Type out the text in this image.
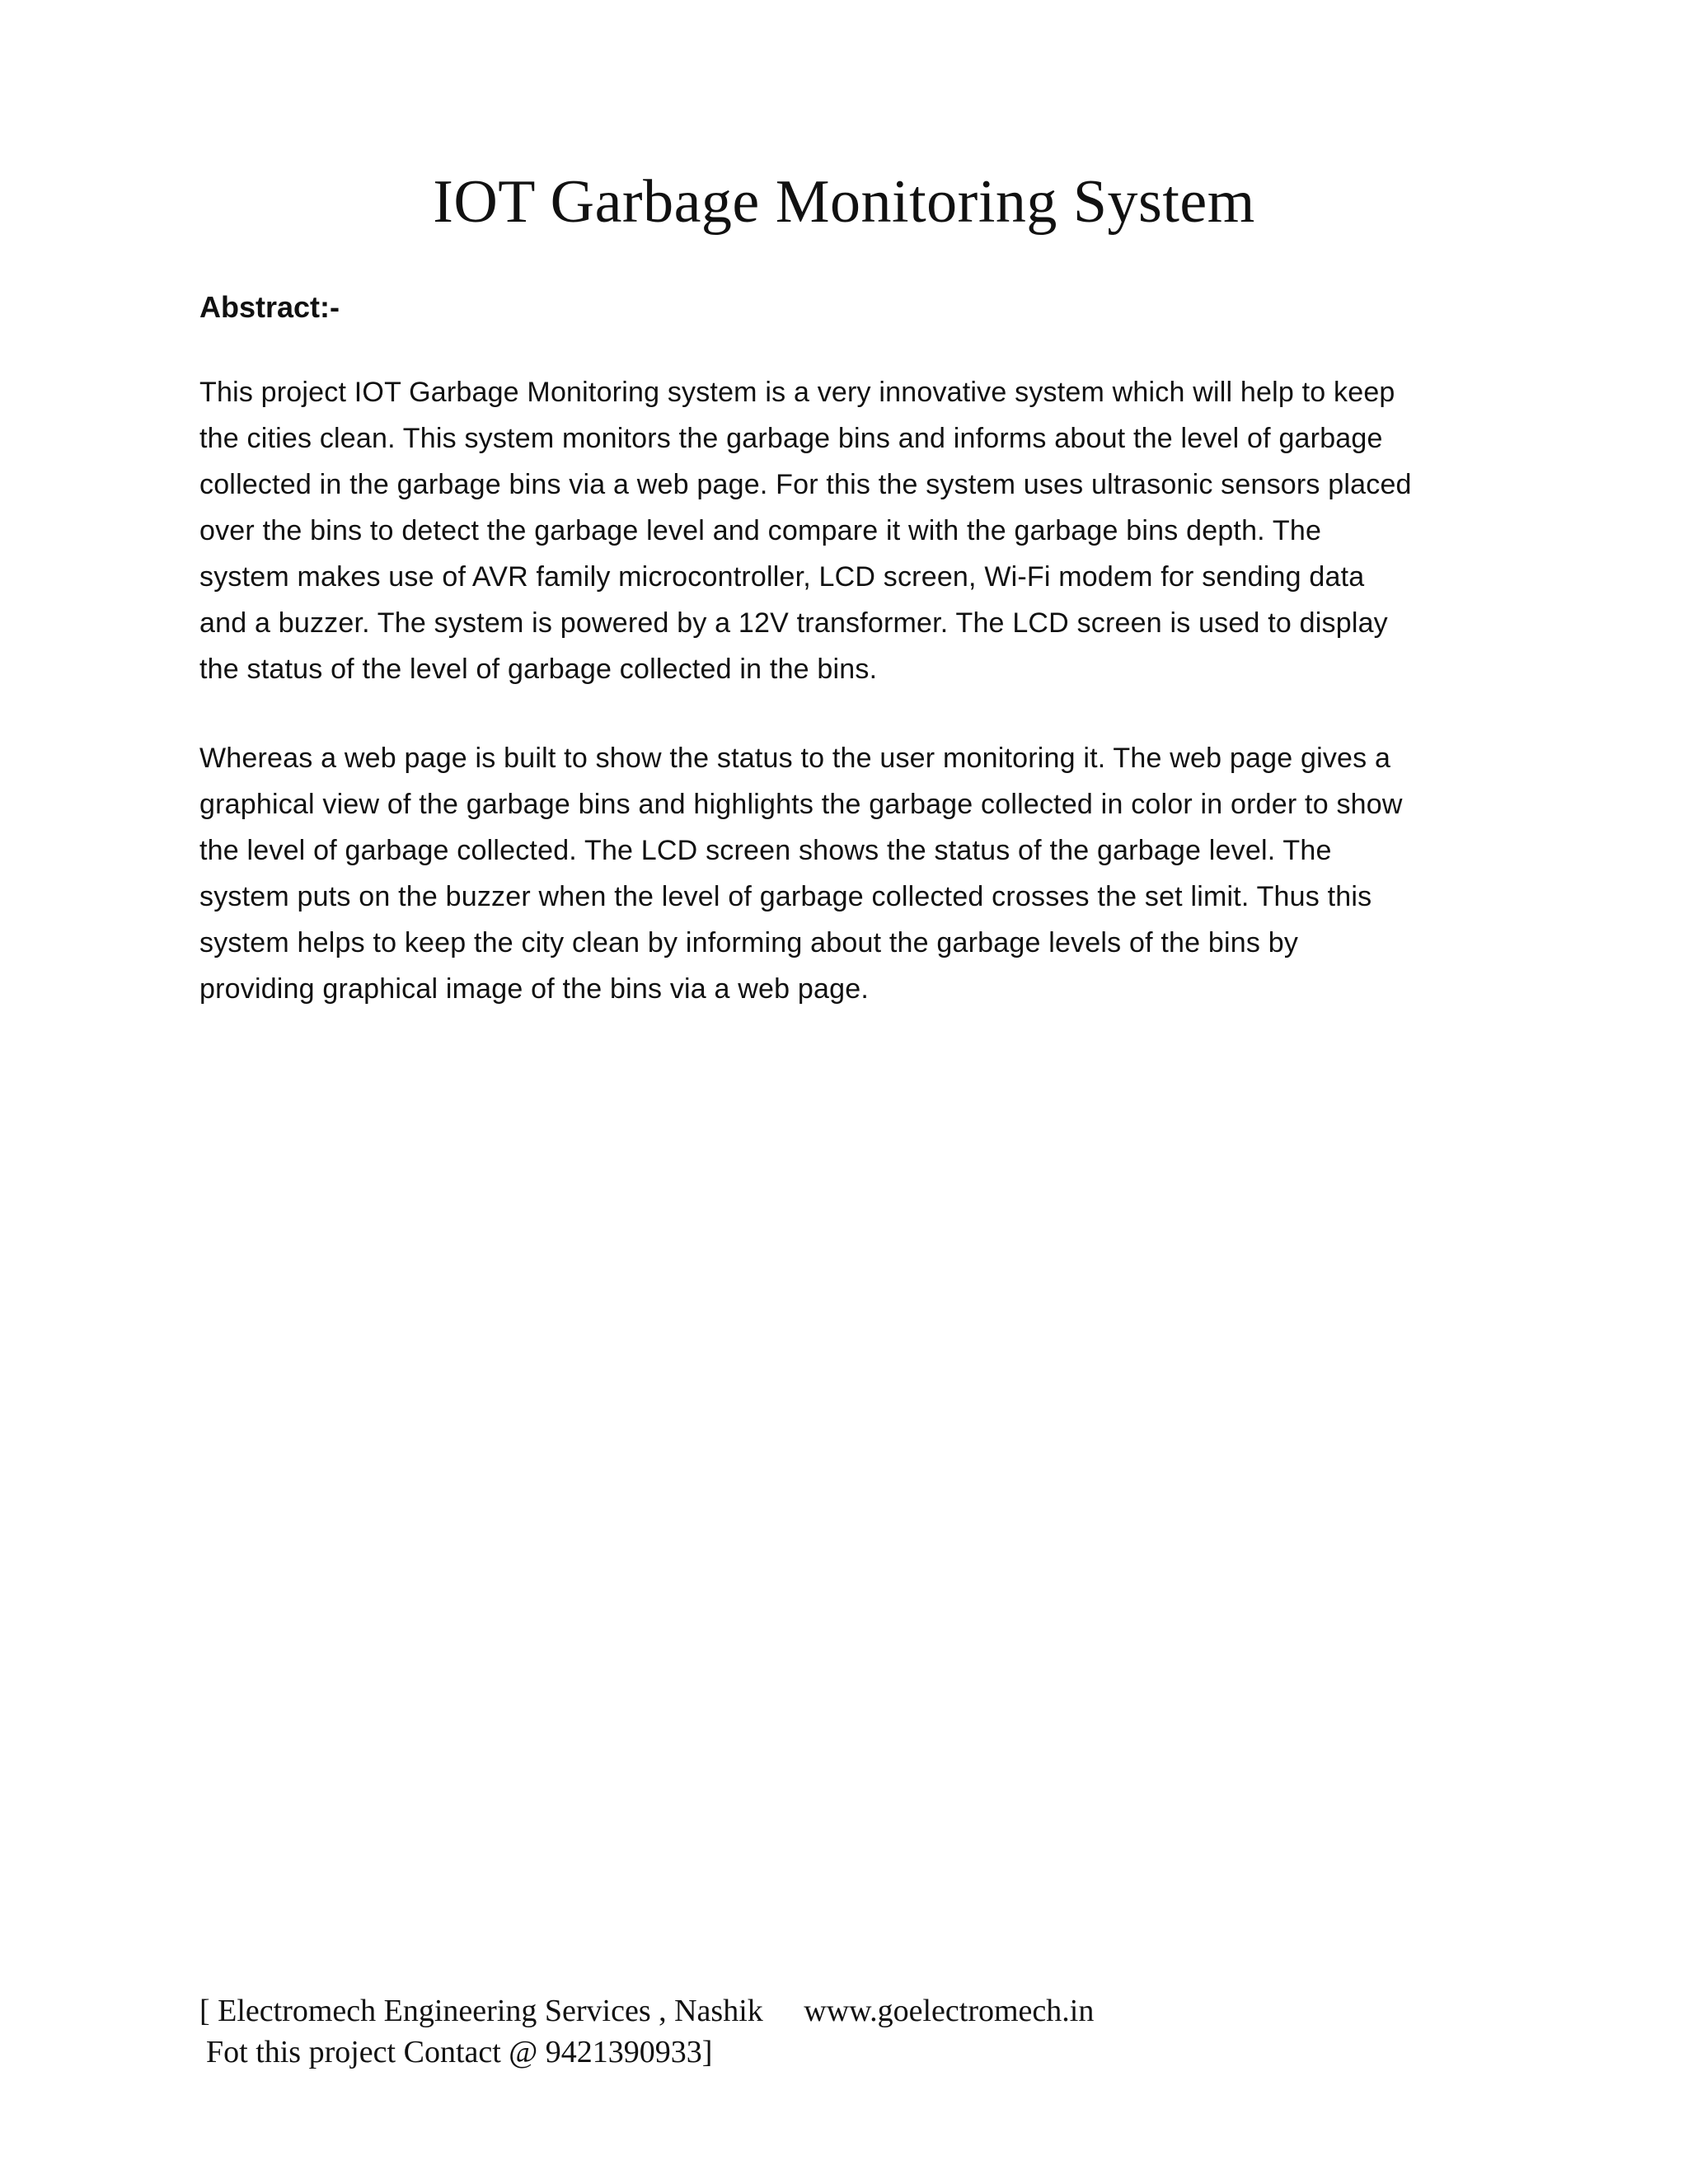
IOT Garbage Monitoring System
Abstract:-

This project IOT Garbage Monitoring system is a very innovative system which will help to keep
the cities clean. This system monitors the garbage bins and informs about the level of garbage
collected in the garbage bins via a web page. For this the system uses ultrasonic sensors placed
over the bins to detect the garbage level and compare it with the garbage bins depth. The
system makes use of AVR family microcontroller, LCD screen, Wi-Fi modem for sending data
and a buzzer. The system is powered by a 12V transformer. The LCD screen is used to display
the status of the level of garbage collected in the bins.

Whereas a web page is built to show the status to the user monitoring it. The web page gives a
graphical view of the garbage bins and highlights the garbage collected in color in order to show
the level of garbage collected. The LCD screen shows the status of the garbage level. The
system puts on the buzzer when the level of garbage collected crosses the set limit. Thus this
system helps to keep the city clean by informing about the garbage levels of the bins by
providing graphical image of the bins via a web page.

[ Electromech Engineering Services , Nashik www.goelectromech.in
Fot this project Contact @ 9421390933]
